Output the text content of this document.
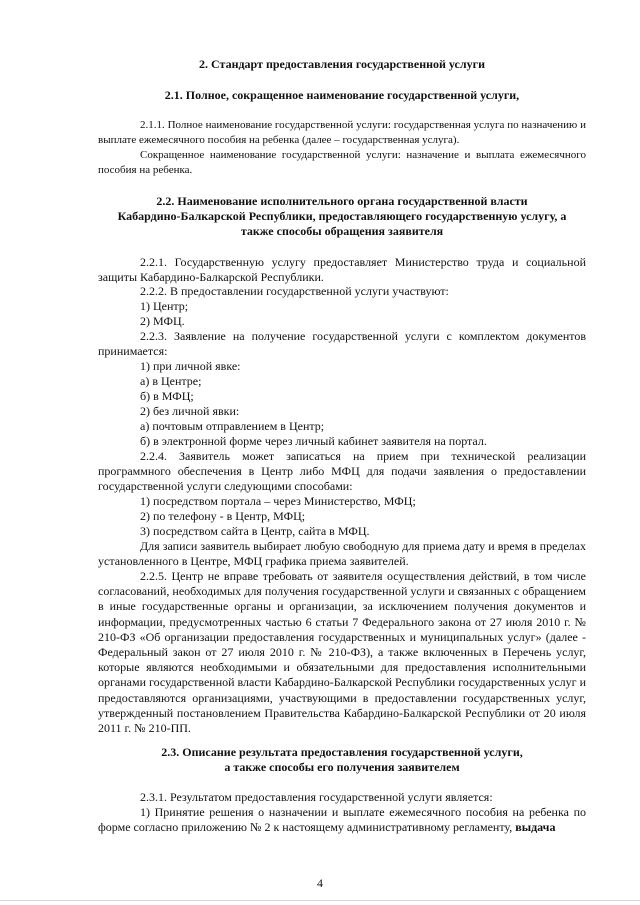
2. Стандарт предоставления государственной услуги
2.1. Полное, сокращенное наименование государственной услуги,
2.1.1. Полное наименование государственной услуги: государственная услуга по назначению и выплате ежемесячного пособия на ребенка (далее – государственная услуга).
Сокращенное наименование государственной услуги: назначение и выплата ежемесячного пособия на ребенка.
2.2. Наименование исполнительного органа государственной власти
Кабардино-Балкарской Республики, предоставляющего государственную услугу, а
также способы обращения заявителя
2.2.1. Государственную услугу предоставляет Министерство труда и социальной защиты Кабардино-Балкарской Республики.
2.2.2. В предоставлении государственной услуги участвуют:
1) Центр;
2) МФЦ.
2.2.3. Заявление на получение государственной услуги с комплектом документов принимается:
1) при личной явке:
а) в Центре;
б) в МФЦ;
2) без личной явки:
а) почтовым отправлением в Центр;
б) в электронной форме через личный кабинет заявителя на портал.
2.2.4. Заявитель может записаться на прием при технической реализации программного обеспечения в Центр либо МФЦ для подачи заявления о предоставлении государственной услуги следующими способами:
1) посредством портала – через Министерство, МФЦ;
2) по телефону - в Центр, МФЦ;
3) посредством сайта в Центр, сайта в МФЦ.
Для записи заявитель выбирает любую свободную для приема дату и время в пределах установленного в Центре, МФЦ графика приема заявителей.
2.2.5. Центр не вправе требовать от заявителя осуществления действий, в том числе согласований, необходимых для получения государственной услуги и связанных с обращением в иные государственные органы и организации, за исключением получения документов и информации, предусмотренных частью 6 статьи 7 Федерального закона от 27 июля 2010 г. № 210-ФЗ «Об организации предоставления государственных и муниципальных услуг» (далее - Федеральный закон от 27 июля 2010 г. № 210-ФЗ), а также включенных в Перечень услуг, которые являются необходимыми и обязательными для предоставления исполнительными органами государственной власти Кабардино-Балкарской Республики государственных услуг и предоставляются организациями, участвующими в предоставлении государственных услуг, утвержденный постановлением Правительства Кабардино-Балкарской Республики от 20 июля 2011 г. № 210-ПП.
2.3. Описание результата предоставления государственной услуги,
а также способы его получения заявителем
2.3.1. Результатом предоставления государственной услуги является:
1) Принятие решения о назначении и выплате ежемесячного пособия на ребенка по форме согласно приложению № 2 к настоящему административному регламенту, выдача
4
